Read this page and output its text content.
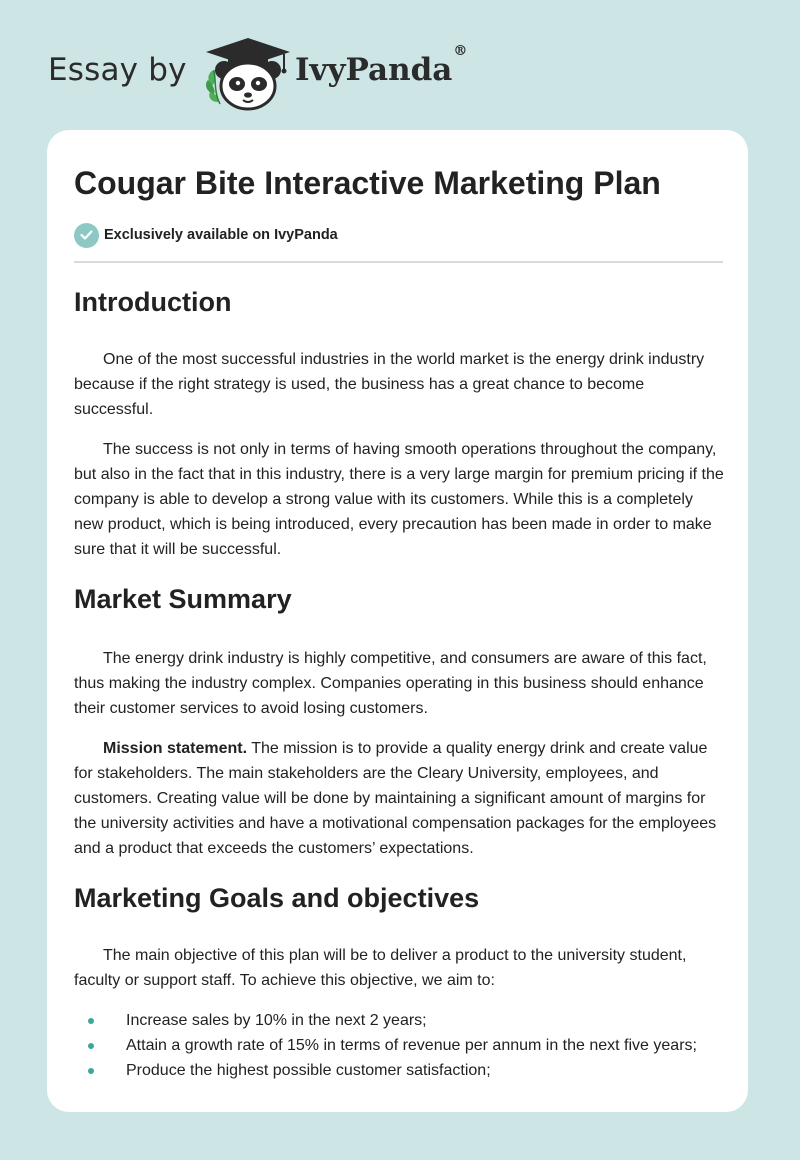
Essay by	IvyPanda®
Cougar Bite Interactive Marketing Plan
Exclusively available on IvyPanda
Introduction

One of the most successful industries in the world market is the energy drink industry because if the right strategy is used, the business has a great chance to become successful.

The success is not only in terms of having smooth operations throughout the company, but also in the fact that in this industry, there is a very large margin for premium pricing if the company is able to develop a strong value with its customers. While this is a completely new product, which is being introduced, every precaution has been made in order to make sure that it will be successful.

Market Summary

The energy drink industry is highly competitive, and consumers are aware of this fact, thus making the industry complex. Companies operating in this business should enhance their customer services to avoid losing customers.

Mission statement. The mission is to provide a quality energy drink and create value for stakeholders. The main stakeholders are the Cleary University, employees, and customers. Creating value will be done by maintaining a significant amount of margins for the university activities and have a motivational compensation packages for the employees and a product that exceeds the customers’ expectations.

Marketing Goals and objectives

The main objective of this plan will be to deliver a product to the university student, faculty or support staff. To achieve this objective, we aim to:

Increase sales by 10% in the next 2 years;
Attain a growth rate of 15% in terms of revenue per annum in the next five years;
Produce the highest possible customer satisfaction;
